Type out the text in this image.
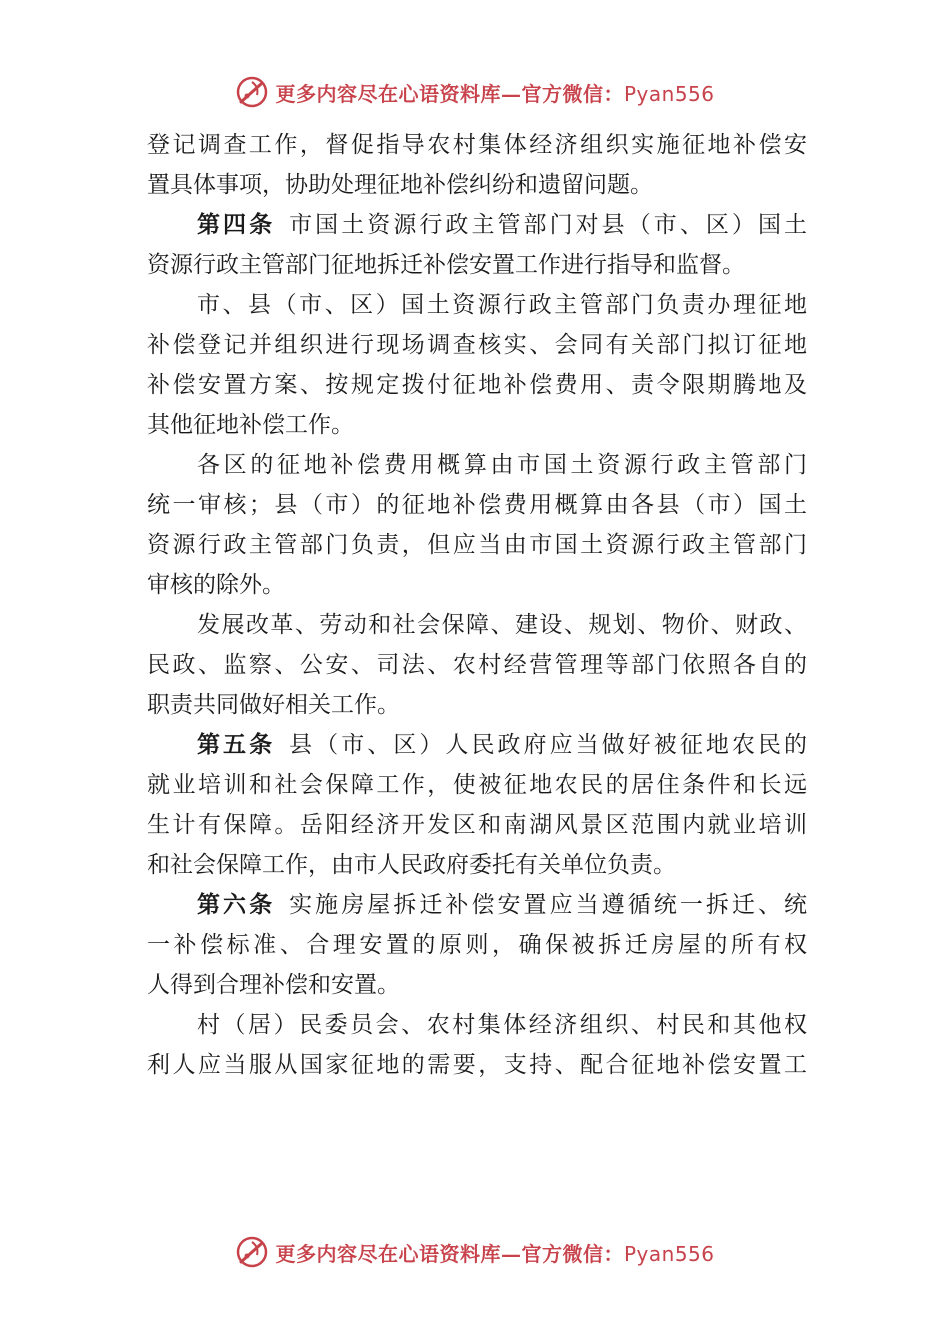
更多内容尽在心语资料库—官方微信：Pyan556
登记调查工作，督促指导农村集体经济组织实施征地补偿安
置具体事项，协助处理征地补偿纠纷和遗留问题。
第四条 市国土资源行政主管部门对县（市、区）国土
资源行政主管部门征地拆迁补偿安置工作进行指导和监督。
市、县（市、区）国土资源行政主管部门负责办理征地
补偿登记并组织进行现场调查核实、会同有关部门拟订征地
补偿安置方案、按规定拨付征地补偿费用、责令限期腾地及
其他征地补偿工作。
各区的征地补偿费用概算由市国土资源行政主管部门
统一审核；县（市）的征地补偿费用概算由各县（市）国土
资源行政主管部门负责，但应当由市国土资源行政主管部门
审核的除外。
发展改革、劳动和社会保障、建设、规划、物价、财政、
民政、监察、公安、司法、农村经营管理等部门依照各自的
职责共同做好相关工作。
第五条 县（市、区）人民政府应当做好被征地农民的
就业培训和社会保障工作，使被征地农民的居住条件和长远
生计有保障。岳阳经济开发区和南湖风景区范围内就业培训
和社会保障工作，由市人民政府委托有关单位负责。
第六条 实施房屋拆迁补偿安置应当遵循统一拆迁、统
一补偿标准、合理安置的原则，确保被拆迁房屋的所有权
人得到合理补偿和安置。
村（居）民委员会、农村集体经济组织、村民和其他权
利人应当服从国家征地的需要，支持、配合征地补偿安置工
更多内容尽在心语资料库—官方微信：Pyan556
